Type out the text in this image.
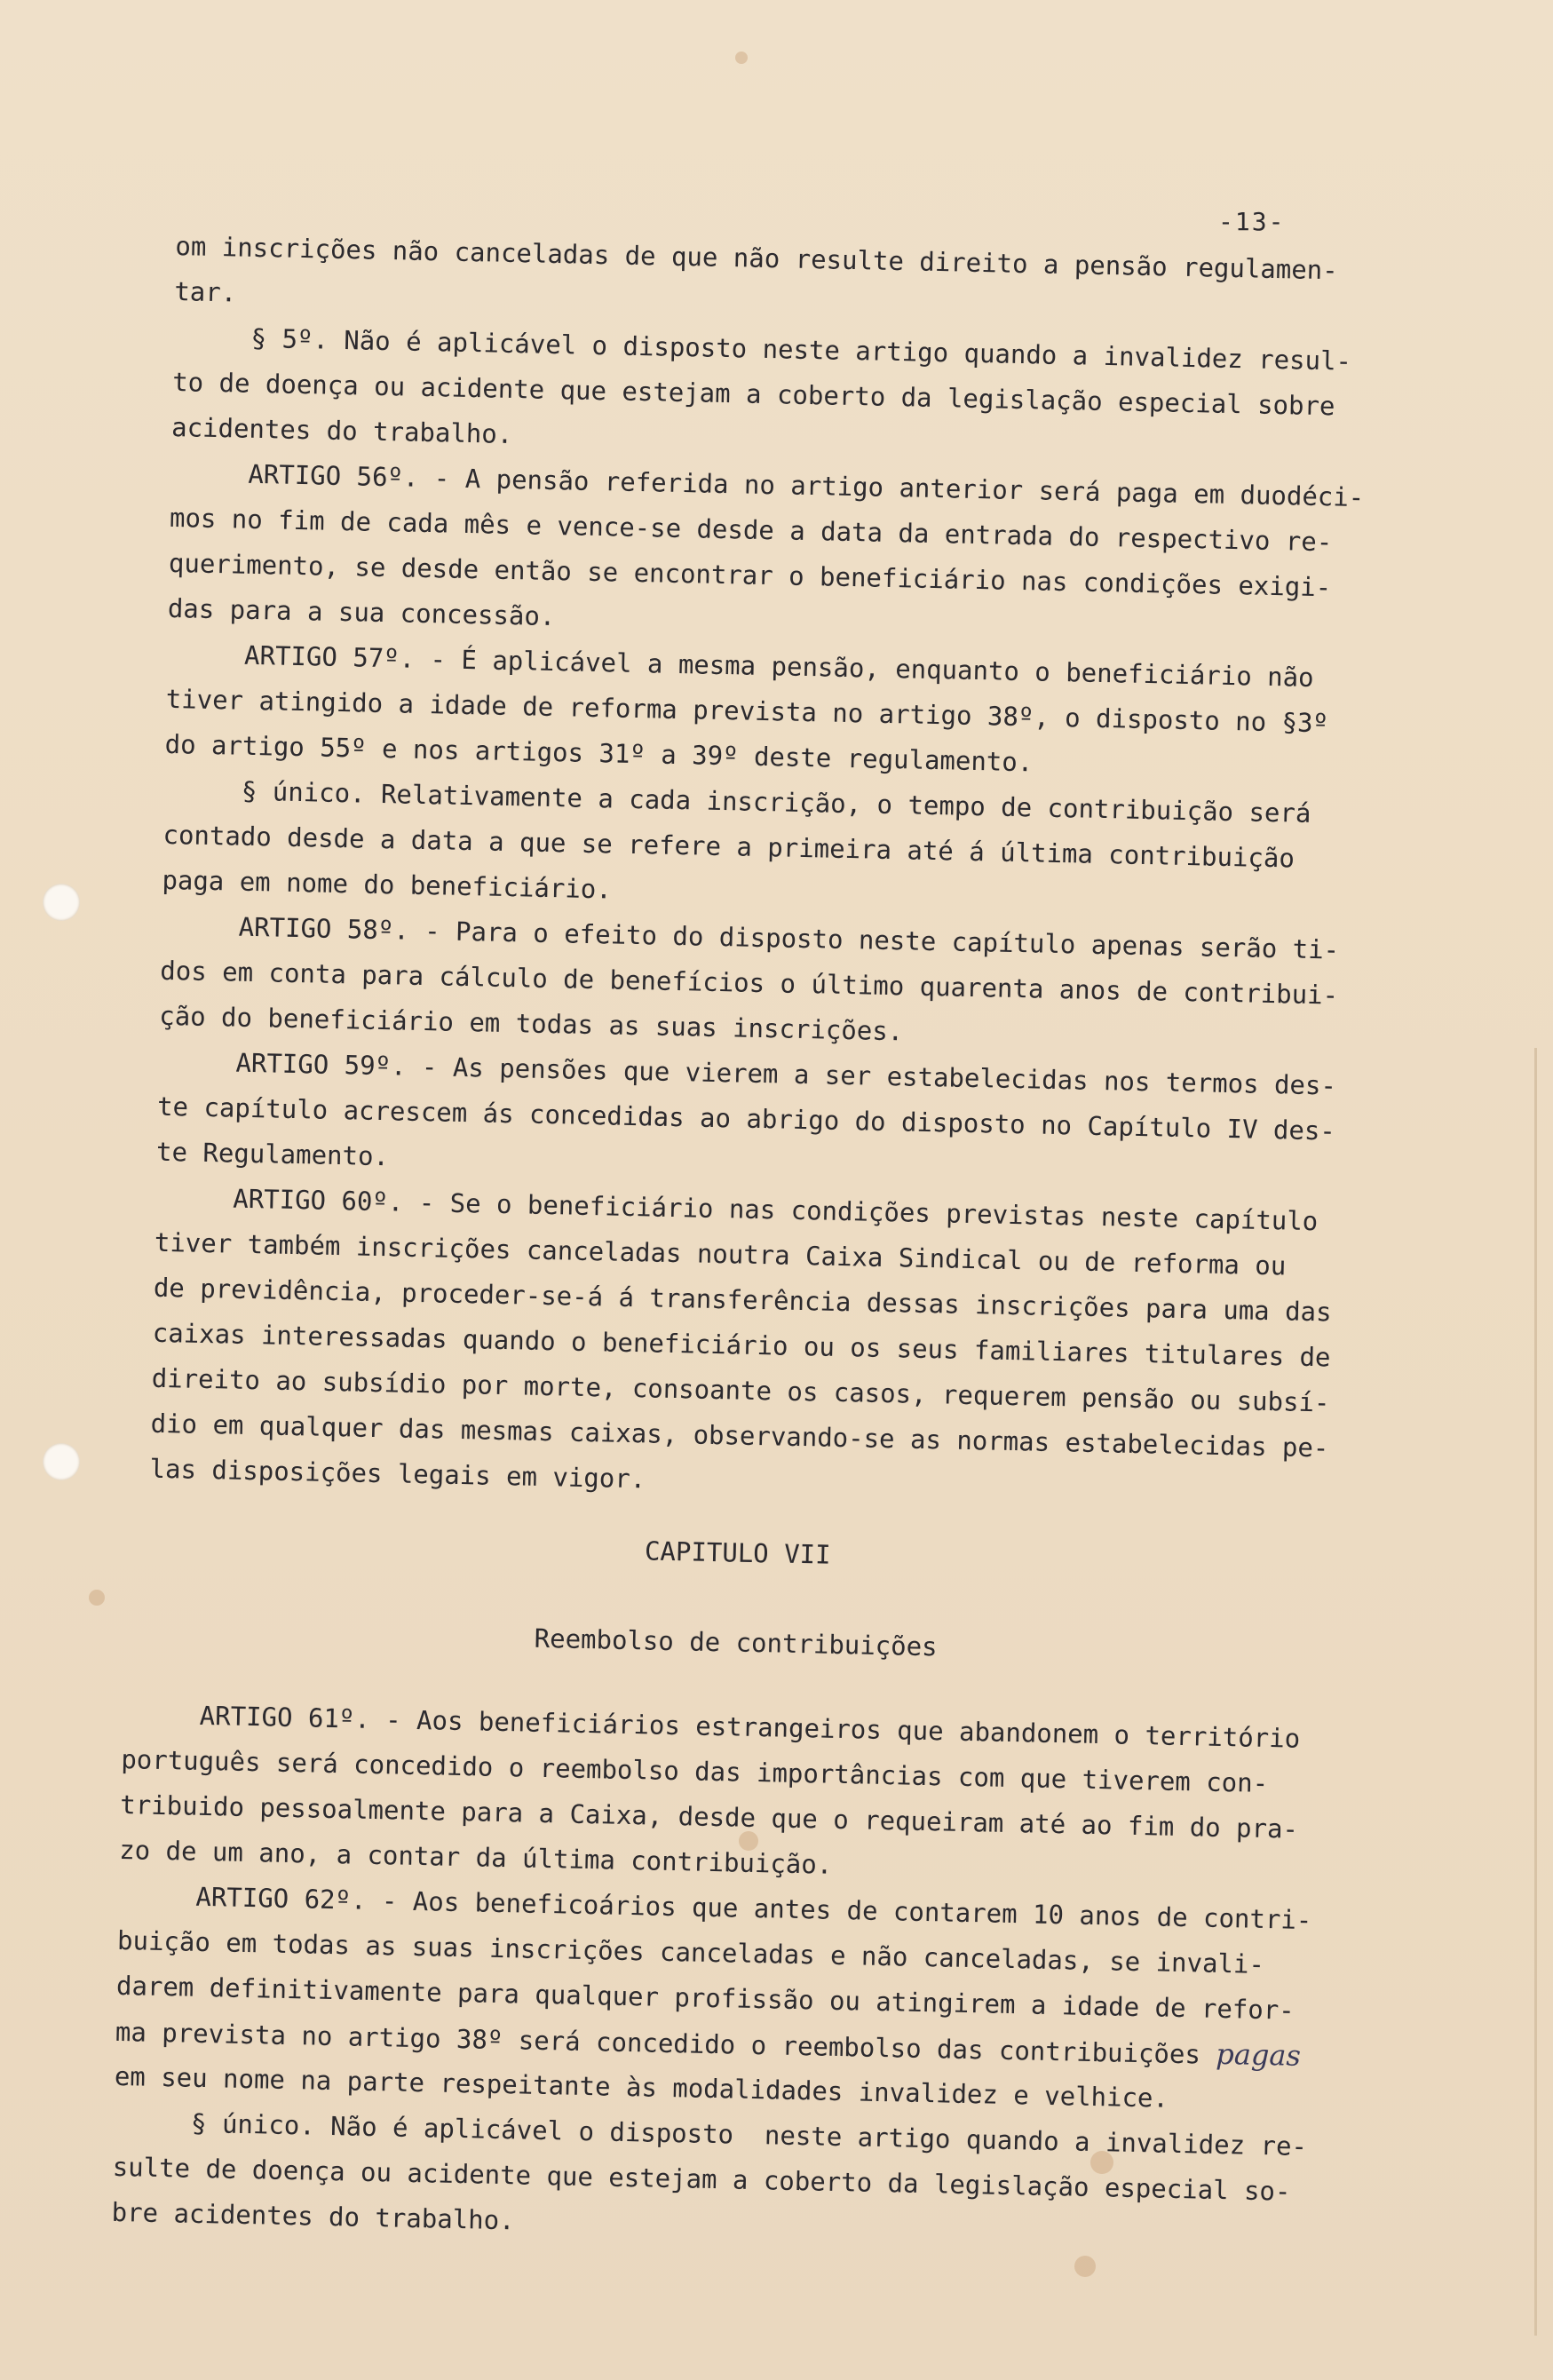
-13-
om inscrições não canceladas de que não resulte direito a pensão regulamen-
tar.
§ 5º. Não é aplicável o disposto neste artigo quando a invalidez resul-
to de doença ou acidente que estejam a coberto da legislação especial sobre
acidentes do trabalho.
ARTIGO 56º. - A pensão referida no artigo anterior será paga em duodéci-
mos no fim de cada mês e vence-se desde a data da entrada do respectivo re-
querimento, se desde então se encontrar o beneficiário nas condições exigi-
das para a sua concessão.
ARTIGO 57º. - É aplicável a mesma pensão, enquanto o beneficiário não
tiver atingido a idade de reforma prevista no artigo 38º, o disposto no §3º
do artigo 55º e nos artigos 31º a 39º deste regulamento.
§ único. Relativamente a cada inscrição, o tempo de contribuição será
contado desde a data a que se refere a primeira até á última contribuição
paga em nome do beneficiário.
ARTIGO 58º. - Para o efeito do disposto neste capítulo apenas serão ti-
dos em conta para cálculo de benefícios o último quarenta anos de contribui-
ção do beneficiário em todas as suas inscrições.
ARTIGO 59º. - As pensões que vierem a ser estabelecidas nos termos des-
te capítulo acrescem ás concedidas ao abrigo do disposto no Capítulo IV des-
te Regulamento.
ARTIGO 60º. - Se o beneficiário nas condições previstas neste capítulo
tiver também inscrições canceladas noutra Caixa Sindical ou de reforma ou
de previdência, proceder-se-á á transferência dessas inscrições para uma das
caixas interessadas quando o beneficiário ou os seus familiares titulares de
direito ao subsídio por morte, consoante os casos, requerem pensão ou subsí-
dio em qualquer das mesmas caixas, observando-se as normas estabelecidas pe-
las disposições legais em vigor.
CAPITULO VII
Reembolso de contribuições
ARTIGO 61º. - Aos beneficiários estrangeiros que abandonem o território
português será concedido o reembolso das importâncias com que tiverem con-
tribuido pessoalmente para a Caixa, desde que o requeiram até ao fim do pra-
zo de um ano, a contar da última contribuição.
ARTIGO 62º. - Aos beneficoários que antes de contarem 10 anos de contri-
buição em todas as suas inscrições canceladas e não canceladas, se invali-
darem definitivamente para qualquer profissão ou atingirem a idade de refor-
ma prevista no artigo 38º será concedido o reembolso das contribuições pagas
em seu nome na parte respeitante às modalidades invalidez e velhice.
§ único. Não é aplicável o disposto  neste artigo quando a invalidez re-
sulte de doença ou acidente que estejam a coberto da legislação especial so-
bre acidentes do trabalho.
